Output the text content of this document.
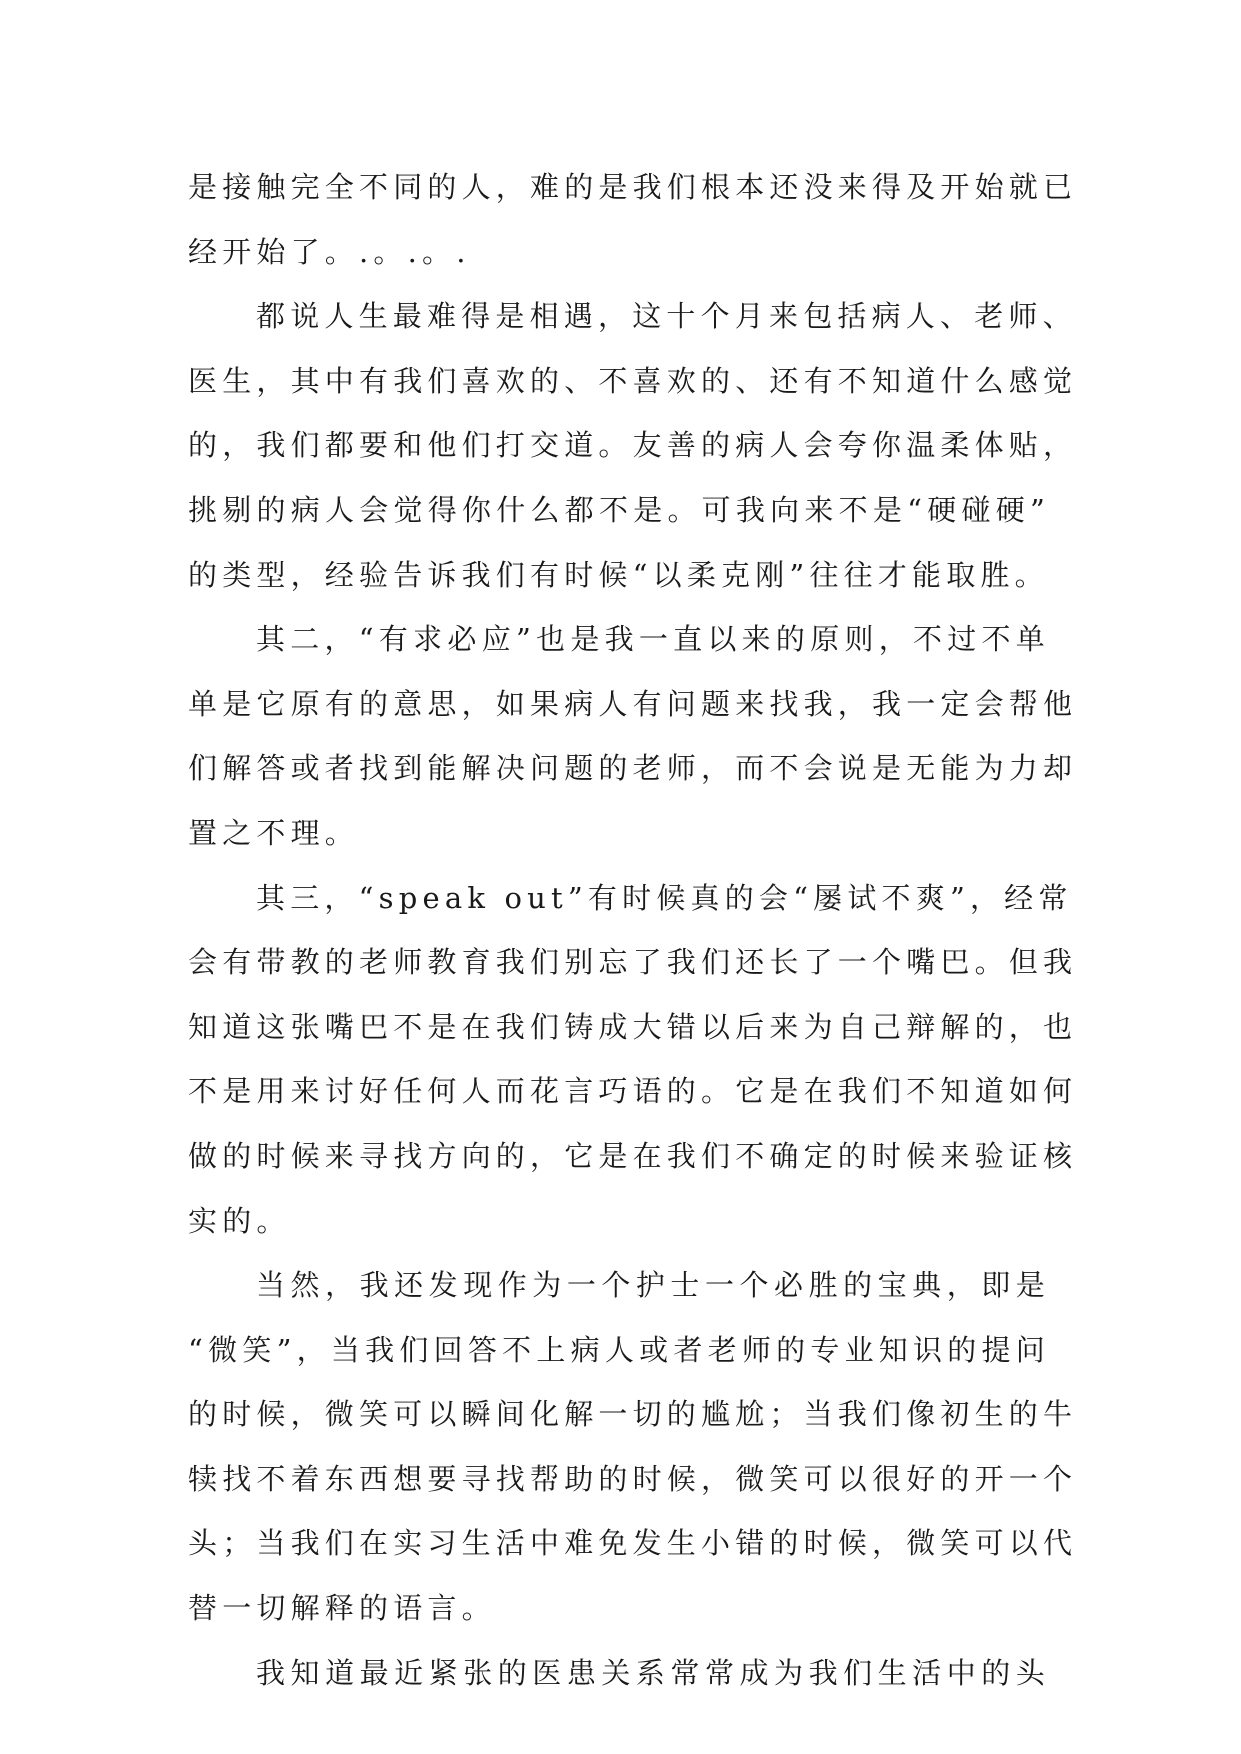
是接触完全不同的人，难的是我们根本还没来得及开始就已
经开始了。.。.。.
都说人生最难得是相遇，这十个月来包括病人、老师、
医生，其中有我们喜欢的、不喜欢的、还有不知道什么感觉
的，我们都要和他们打交道。友善的病人会夸你温柔体贴，
挑剔的病人会觉得你什么都不是。可我向来不是“硬碰硬”
的类型，经验告诉我们有时候“以柔克刚”往往才能取胜。
其二，“有求必应”也是我一直以来的原则，不过不单
单是它原有的意思，如果病人有问题来找我，我一定会帮他
们解答或者找到能解决问题的老师，而不会说是无能为力却
置之不理。
其三，“speak out”有时候真的会“屡试不爽”，经常
会有带教的老师教育我们别忘了我们还长了一个嘴巴。但我
知道这张嘴巴不是在我们铸成大错以后来为自己辩解的，也
不是用来讨好任何人而花言巧语的。它是在我们不知道如何
做的时候来寻找方向的，它是在我们不确定的时候来验证核
实的。
当然，我还发现作为一个护士一个必胜的宝典，即是
“微笑”，当我们回答不上病人或者老师的专业知识的提问
的时候，微笑可以瞬间化解一切的尴尬；当我们像初生的牛
犊找不着东西想要寻找帮助的时候，微笑可以很好的开一个
头；当我们在实习生活中难免发生小错的时候，微笑可以代
替一切解释的语言。
我知道最近紧张的医患关系常常成为我们生活中的头
